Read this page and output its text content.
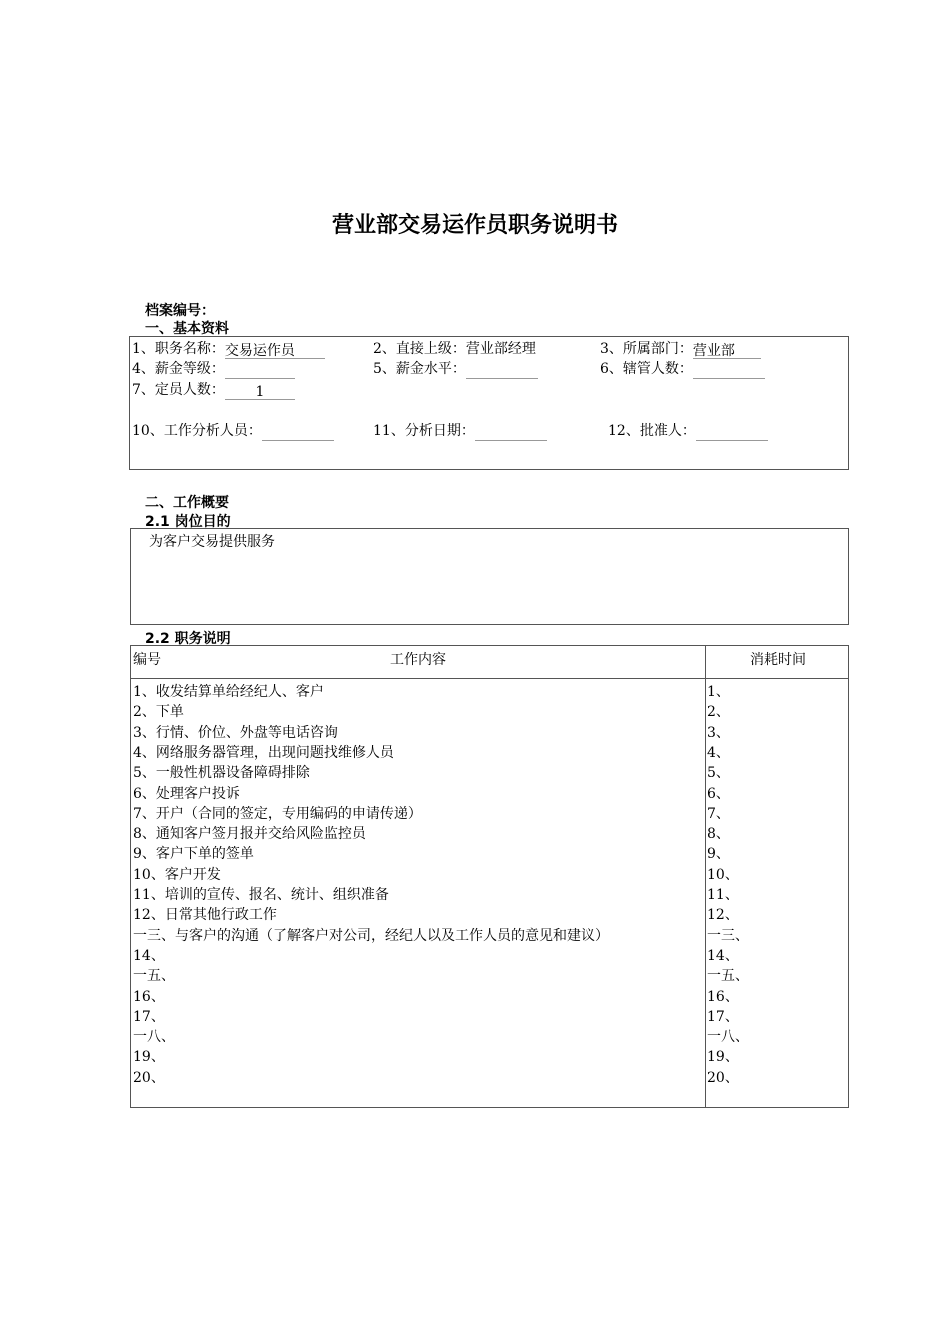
营业部交易运作员职务说明书
档案编号：
一、基本资料
1、职务名称：交易运作员	2、直接上级：营业部经理	3、所属部门：营业部
4、薪金等级：	5、薪金水平：	6、辖管人数：
7、定员人数： 1
10、工作分析人员：	11、分析日期：	12、批准人：
二、工作概要
2.1 岗位目的
为客户交易提供服务
2.2 职务说明
编号	工作内容	消耗时间
1、收发结算单给经纪人、客户	1、
2、下单	2、
3、行情、价位、外盘等电话咨询	3、
4、网络服务器管理，出现问题找维修人员	4、
5、一般性机器设备障碍排除	5、
6、处理客户投诉	6、
7、开户（合同的签定，专用编码的申请传递）	7、
8、通知客户签月报并交给风险监控员	8、
9、客户下单的签单	9、
10、客户开发	10、
11、培训的宣传、报名、统计、组织准备	11、
12、日常其他行政工作	12、
一三、与客户的沟通（了解客户对公司，经纪人以及工作人员的意见和建议）	一三、
14、	14、
一五、	一五、
16、	16、
17、	17、
一八、	一八、
19、	19、
20、	20、
